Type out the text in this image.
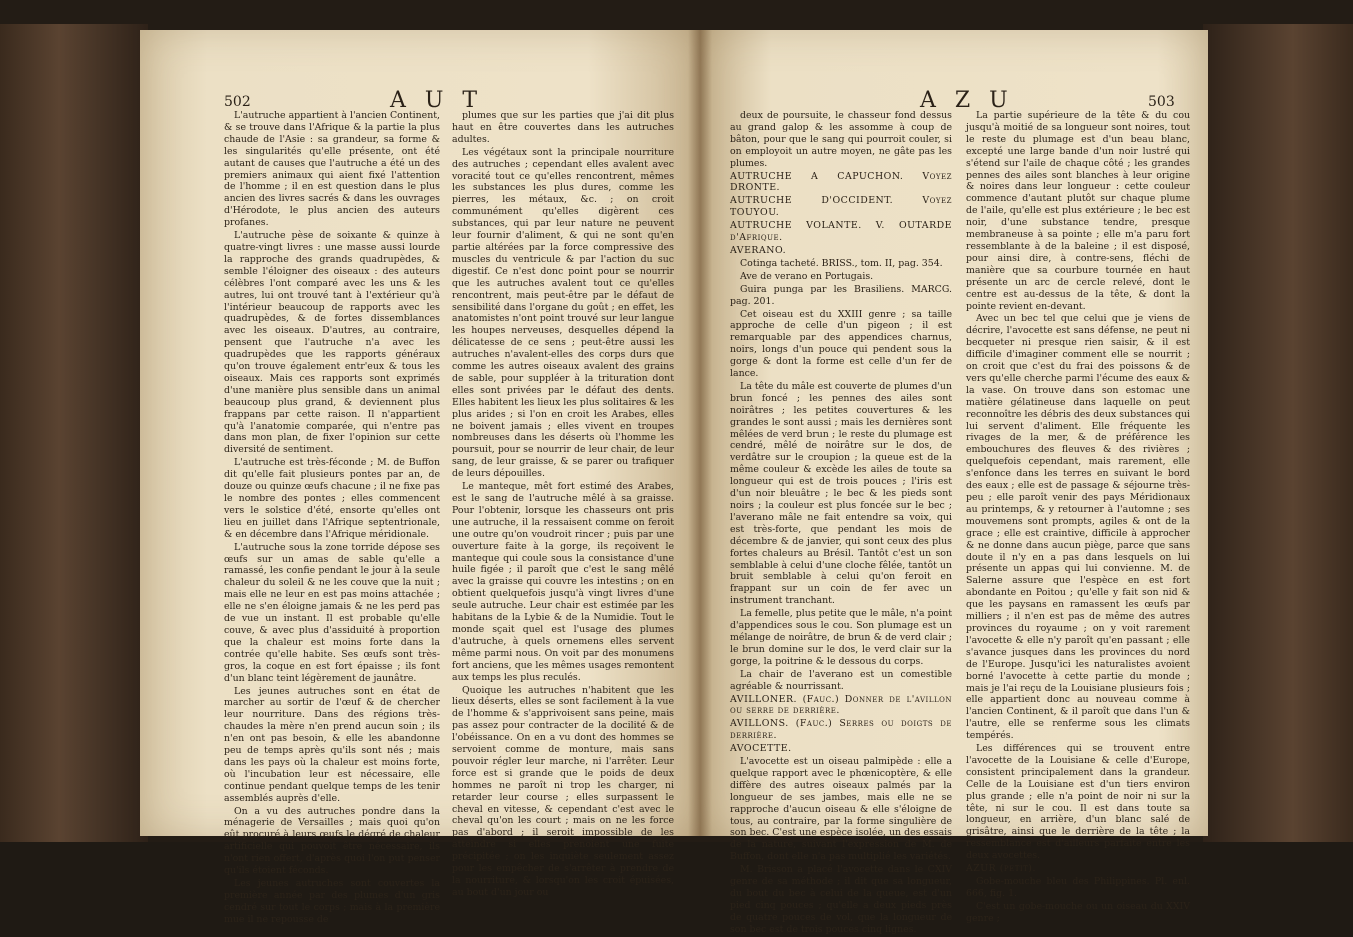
502	A U T

L'autruche appartient à l'ancien Continent, & se trouve dans l'Afrique & la partie la plus chaude de l'Asie : sa grandeur, sa forme & les singularités qu'elle présente, ont été autant de causes que l'autruche a été un des premiers animaux qui aient fixé l'attention de l'homme ; il en est question dans le plus ancien des livres sacrés & dans les ouvrages d'Hérodote, le plus ancien des auteurs profanes.

L'autruche pèse de soixante & quinze à quatre-vingt livres : une masse aussi lourde la rapproche des grands quadrupèdes, & semble l'éloigner des oiseaux : des auteurs célèbres l'ont comparé avec les uns & les autres, lui ont trouvé tant à l'extérieur qu'à l'intérieur beaucoup de rapports avec les quadrupèdes, & de fortes dissemblances avec les oiseaux. D'autres, au contraire, pensent que l'autruche n'a avec les quadrupèdes que les rapports généraux qu'on trouve également entr'eux & tous les oiseaux. Mais ces rapports sont exprimés d'une manière plus sensible dans un animal beaucoup plus grand, & deviennent plus frappans par cette raison. Il n'appartient qu'à l'anatomie comparée, qui n'entre pas dans mon plan, de fixer l'opinion sur cette diversité de sentiment.

L'autruche est très-féconde ; M. de Buffon dit qu'elle fait plusieurs pontes par an, de douze ou quinze œufs chacune ; il ne fixe pas le nombre des pontes ; elles commencent vers le solstice d'été, ensorte qu'elles ont lieu en juillet dans l'Afrique septentrionale, & en décembre dans l'Afrique méridionale.

L'autruche sous la zone torride dépose ses œufs sur un amas de sable qu'elle a ramassé, les confie pendant le jour à la seule chaleur du soleil & ne les couve que la nuit ; mais elle ne leur en est pas moins attachée ; elle ne s'en éloigne jamais & ne les perd pas de vue un instant. Il est probable qu'elle couve, & avec plus d'assiduité à proportion que la chaleur est moins forte dans la contrée qu'elle habite. Ses œufs sont très-gros, la coque en est fort épaisse ; ils font d'un blanc teint légèrement de jaunâtre.

Les jeunes autruches sont en état de marcher au sortir de l'œuf & de chercher leur nourriture. Dans des régions très-chaudes la mère n'en prend aucun soin ; ils n'en ont pas besoin, & elle les abandonne peu de temps après qu'ils sont nés ; mais dans les pays où la chaleur est moins forte, où l'incubation leur est nécessaire, elle continue pendant quelque temps de les tenir assemblés auprès d'elle.

On a vu des autruches pondre dans la ménagerie de Versailles ; mais quoi qu'on eût procuré à leurs œufs le dégré de chaleur artificielle qui pouvoit être nécessaire, ils n'ont rien offert, d'après quoi l'on put penser qu'ils étoient féconds.

Les jeunes autruches sont couvertes la première année par des plumes d'un gris cendré sur tout le corps ; mais à la première mue il ne repousse de

plumes que sur les parties que j'ai dit plus haut en être couvertes dans les autruches adultes.

Les végétaux sont la principale nourriture des autruches ; cependant elles avalent avec voracité tout ce qu'elles rencontrent, mêmes les substances les plus dures, comme les pierres, les métaux, &c. ; on croit communément qu'elles digèrent ces substances, qui par leur nature ne peuvent leur fournir d'aliment, & qui ne sont qu'en partie altérées par la force compressive des muscles du ventricule & par l'action du suc digestif. Ce n'est donc point pour se nourrir que les autruches avalent tout ce qu'elles rencontrent, mais peut-être par le défaut de sensibilité dans l'organe du goût ; en effet, les anatomistes n'ont point trouvé sur leur langue les houpes nerveuses, desquelles dépend la délicatesse de ce sens ; peut-être aussi les autruches n'avalent-elles des corps durs que comme les autres oiseaux avalent des grains de sable, pour suppléer à la trituration dont elles sont privées par le défaut des dents. Elles habitent les lieux les plus solitaires & les plus arides ; si l'on en croit les Arabes, elles ne boivent jamais ; elles vivent en troupes nombreuses dans les déserts où l'homme les poursuit, pour se nourrir de leur chair, de leur sang, de leur graisse, & se parer ou trafiquer de leurs dépouilles.

Le manteque, mêt fort estimé des Arabes, est le sang de l'autruche mêlé à sa graisse. Pour l'obtenir, lorsque les chasseurs ont pris une autruche, il la ressaisent comme on feroit une outre qu'on voudroit rincer ; puis par une ouverture faite à la gorge, ils reçoivent le manteque qui coule sous la consistance d'une huile figée ; il paroît que c'est le sang mêlé avec la graisse qui couvre les intestins ; on en obtient quelquefois jusqu'à vingt livres d'une seule autruche. Leur chair est estimée par les habitans de la Lybie & de la Numidie. Tout le monde sçait quel est l'usage des plumes d'autruche, à quels ornemens elles servent même parmi nous. On voit par des monumens fort anciens, que les mêmes usages remontent aux temps les plus reculés.

Quoique les autruches n'habitent que les lieux déserts, elles se sont facilement à la vue de l'homme & s'apprivoisent sans peine, mais pas assez pour contracter de la docilité & de l'obéissance. On en a vu dont des hommes se servoient comme de monture, mais sans pouvoir régler leur marche, ni l'arrêter. Leur force est si grande que le poids de deux hommes ne paroît ni trop les charger, ni retarder leur course ; elles surpassent le cheval en vitesse, & cependant c'est avec le cheval qu'on les court ; mais on ne les force pas d'abord ; il seroit impossible de les atteindre si elles prenoient une fuite précipitée ; on les inquiète seulement assez pour les empêcher de s'arrêter à prendre de la nourriture, & lorsqu'on les croit épuisées, au bout d'un jour ou

A Z U	503

deux de poursuite, le chasseur fond dessus au grand galop & les assomme à coup de bâton, pour que le sang qui pourroit couler, si on employoit un autre moyen, ne gâte pas les plumes.

AUTRUCHE A CAPUCHON. Voyez DRONTE.

AUTRUCHE D'OCCIDENT. Voyez TOUYOU.

AUTRUCHE VOLANTE. V. OUTARDE d'Afrique.

AVERANO.

Cotinga tacheté. BRISS., tom. II, pag. 354.

Ave de verano en Portugais.

Guira punga par les Brasiliens. MARCG. pag. 201.

Cet oiseau est du XXIII genre ; sa taille approche de celle d'un pigeon ; il est remarquable par des appendices charnus, noirs, longs d'un pouce qui pendent sous la gorge & dont la forme est celle d'un fer de lance.

La tête du mâle est couverte de plumes d'un brun foncé ; les pennes des ailes sont noirâtres ; les petites couvertures & les grandes le sont aussi ; mais les dernières sont mêlées de verd brun ; le reste du plumage est cendré, mêlé de noirâtre sur le dos, de verdâtre sur le croupion ; la queue est de la même couleur & excède les ailes de toute sa longueur qui est de trois pouces ; l'iris est d'un noir bleuâtre ; le bec & les pieds sont noirs ; la couleur est plus foncée sur le bec ; l'averano mâle ne fait entendre sa voix, qui est très-forte, que pendant les mois de décembre & de janvier, qui sont ceux des plus fortes chaleurs au Brésil. Tantôt c'est un son semblable à celui d'une cloche fêlée, tantôt un bruit semblable à celui qu'on feroit en frappant sur un coin de fer avec un instrument tranchant.

La femelle, plus petite que le mâle, n'a point d'appendices sous le cou. Son plumage est un mélange de noirâtre, de brun & de verd clair ; le brun domine sur le dos, le verd clair sur la gorge, la poitrine & le dessous du corps.

La chair de l'averano est un comestible agréable & nourrissant.

AVILLONER. (Fauc.) Donner de l'avillon ou serre de derrière.

AVILLONS. (Fauc.) Serres ou doigts de derrière.

AVOCETTE.

L'avocette est un oiseau palmipède : elle a quelque rapport avec le phœnicoptère, & elle diffère des autres oiseaux palmés par la longueur de ses jambes, mais elle ne se rapproche d'aucun oiseau & elle s'éloigne de tous, au contraire, par la forme singulière de son bec. C'est une espèce isolée, un des essais de la nature, suivant l'expression de M. de Buffon, dont elle n'a pas multiplié les variétés.

M. Brisson a placé l'avocette dans le CXIV genre de sa méthode ; il dit que sa longueur, du bout du bec à celui de la queue, est d'un pied cinq pouces ; qu'elle a deux pieds près de quatre pouces de vol, que la longueur de son bec est de trois pouces cinq lignes.

La partie supérieure de la tête & du cou jusqu'à moitié de sa longueur sont noires, tout le reste du plumage est d'un beau blanc, excepté une large bande d'un noir lustré qui s'étend sur l'aile de chaque côté ; les grandes pennes des ailes sont blanches à leur origine & noires dans leur longueur : cette couleur commence d'autant plutôt sur chaque plume de l'aile, qu'elle est plus extérieure ; le bec est noir, d'une substance tendre, presque membraneuse à sa pointe ; elle m'a paru fort ressemblante à de la baleine ; il est disposé, pour ainsi dire, à contre-sens, fléchi de manière que sa courbure tournée en haut présente un arc de cercle relevé, dont le centre est au-dessus de la tête, & dont la pointe revient en-devant.

Avec un bec tel que celui que je viens de décrire, l'avocette est sans défense, ne peut ni becqueter ni presque rien saisir, & il est difficile d'imaginer comment elle se nourrit ; on croit que c'est du frai des poissons & de vers qu'elle cherche parmi l'écume des eaux & la vase. On trouve dans son estomac une matière gélatineuse dans laquelle on peut reconnoître les débris des deux substances qui lui servent d'aliment. Elle fréquente les rivages de la mer, & de préférence les embouchures des fleuves & des rivières ; quelquefois cependant, mais rarement, elle s'enfonce dans les terres en suivant le bord des eaux ; elle est de passage & séjourne très-peu ; elle paroît venir des pays Méridionaux au printemps, & y retourner à l'automne ; ses mouvemens sont prompts, agiles & ont de la grace ; elle est craintive, difficile à approcher & ne donne dans aucun piège, parce que sans doute il n'y en a pas dans lesquels on lui présente un appas qui lui convienne. M. de Salerne assure que l'espèce en est fort abondante en Poitou ; qu'elle y fait son nid & que les paysans en ramassent les œufs par milliers ; il n'en est pas de même des autres provinces du royaume ; on y voit rarement l'avocette & elle n'y paroît qu'en passant ; elle s'avance jusques dans les provinces du nord de l'Europe. Jusqu'ici les naturalistes avoient borné l'avocette à cette partie du monde ; mais je l'ai reçu de la Louisiane plusieurs fois ; elle appartient donc au nouveau comme à l'ancien Continent, & il paroît que dans l'un & l'autre, elle se renferme sous les climats tempérés.

Les différences qui se trouvent entre l'avocette de la Louisiane & celle d'Europe, consistent principalement dans la grandeur. Celle de la Louisiane est d'un tiers environ plus grande ; elle n'a point de noir ni sur la tête, ni sur le cou. Il est dans toute sa longueur, en arrière, d'un blanc salé de grisâtre, ainsi que le derrière de la tête ; la ressemblance est d'ailleurs parfaite entre les deux avocettes.

AZUR (petit).

Gobe-mouche bleu des Philippines. Pl. enl. 666, fig. 1.

C'est un gobe-mouche ou un oiseau du XXIV genre ;
